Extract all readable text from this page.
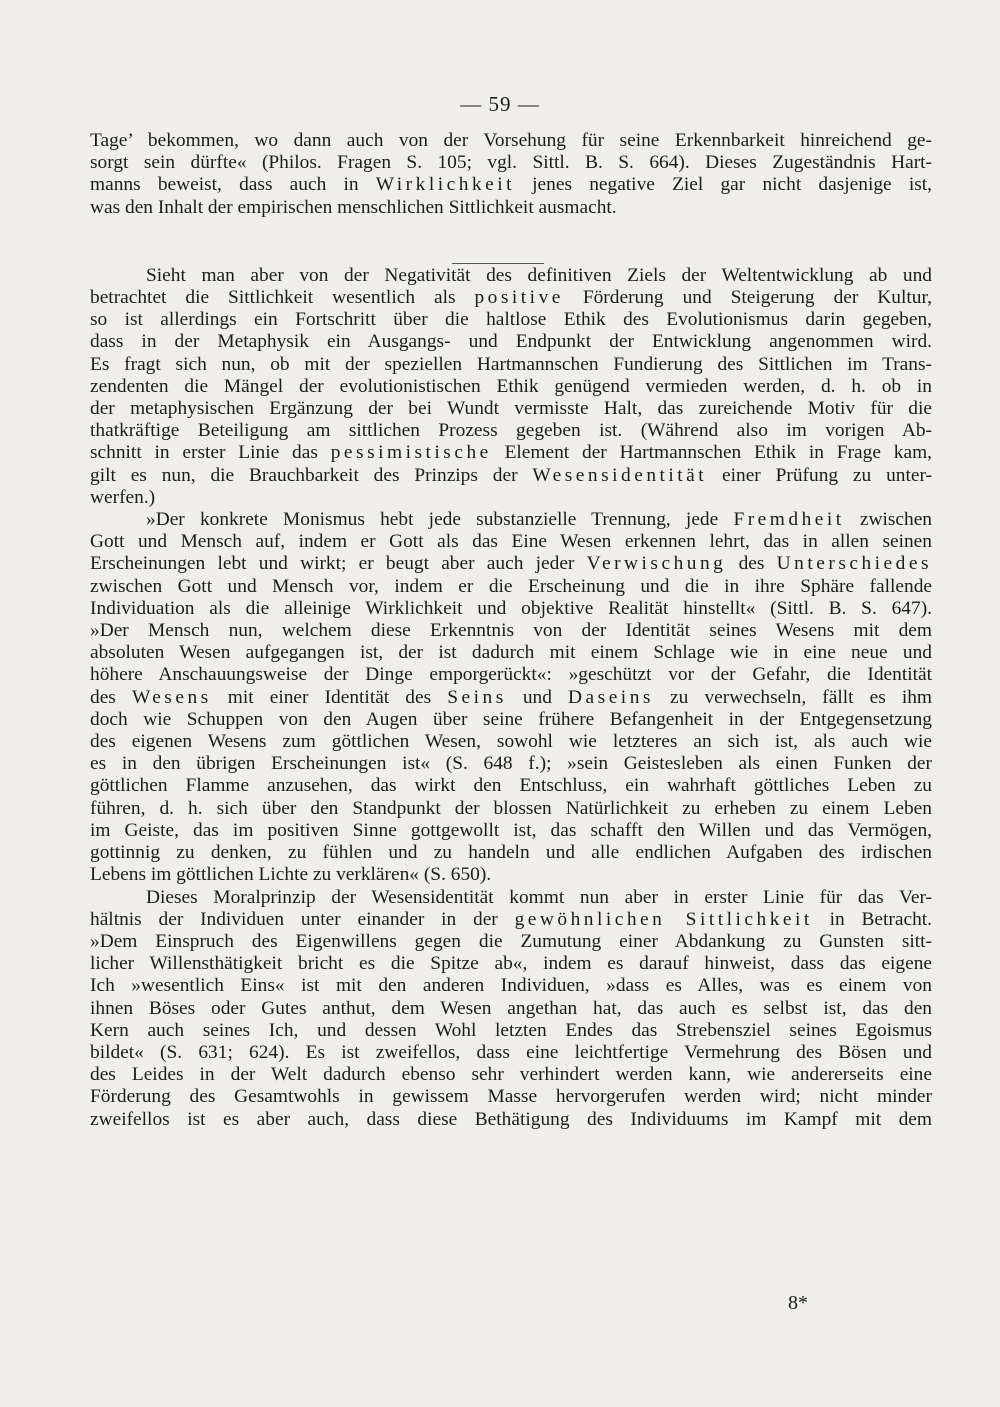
— 59 —

Tage’ bekommen, wo dann auch von der Vorsehung für seine Erkennbarkeit hinreichend ge-
sorgt sein dürfte« (Philos. Fragen S. 105; vgl. Sittl. B. S. 664). Dieses Zugeständnis Hart-
manns beweist, dass auch in Wirklichkeit jenes negative Ziel gar nicht dasjenige ist,
was den Inhalt der empirischen menschlichen Sittlichkeit ausmacht.

Sieht man aber von der Negativität des definitiven Ziels der Weltentwicklung ab und
betrachtet die Sittlichkeit wesentlich als positive Förderung und Steigerung der Kultur,
so ist allerdings ein Fortschritt über die haltlose Ethik des Evolutionismus darin gegeben,
dass in der Metaphysik ein Ausgangs- und Endpunkt der Entwicklung angenommen wird.
Es fragt sich nun, ob mit der speziellen Hartmannschen Fundierung des Sittlichen im Trans-
zendenten die Mängel der evolutionistischen Ethik genügend vermieden werden, d. h. ob in
der metaphysischen Ergänzung der bei Wundt vermisste Halt, das zureichende Motiv für die
thatkräftige Beteiligung am sittlichen Prozess gegeben ist. (Während also im vorigen Ab-
schnitt in erster Linie das pessimistische Element der Hartmannschen Ethik in Frage kam,
gilt es nun, die Brauchbarkeit des Prinzips der Wesensidentität einer Prüfung zu unter-
werfen.)

»Der konkrete Monismus hebt jede substanzielle Trennung, jede Fremdheit zwischen
Gott und Mensch auf, indem er Gott als das Eine Wesen erkennen lehrt, das in allen seinen
Erscheinungen lebt und wirkt; er beugt aber auch jeder Verwischung des Unterschiedes
zwischen Gott und Mensch vor, indem er die Erscheinung und die in ihre Sphäre fallende
Individuation als die alleinige Wirklichkeit und objektive Realität hinstellt« (Sittl. B. S. 647).
»Der Mensch nun, welchem diese Erkenntnis von der Identität seines Wesens mit dem
absoluten Wesen aufgegangen ist, der ist dadurch mit einem Schlage wie in eine neue und
höhere Anschauungsweise der Dinge emporgerückt«: »geschützt vor der Gefahr, die Identität
des Wesens mit einer Identität des Seins und Daseins zu verwechseln, fällt es ihm
doch wie Schuppen von den Augen über seine frühere Befangenheit in der Entgegensetzung
des eigenen Wesens zum göttlichen Wesen, sowohl wie letzteres an sich ist, als auch wie
es in den übrigen Erscheinungen ist« (S. 648 f.); »sein Geistesleben als einen Funken der
göttlichen Flamme anzusehen, das wirkt den Entschluss, ein wahrhaft göttliches Leben zu
führen, d. h. sich über den Standpunkt der blossen Natürlichkeit zu erheben zu einem Leben
im Geiste, das im positiven Sinne gottgewollt ist, das schafft den Willen und das Vermögen,
gottinnig zu denken, zu fühlen und zu handeln und alle endlichen Aufgaben des irdischen
Lebens im göttlichen Lichte zu verklären« (S. 650).

Dieses Moralprinzip der Wesensidentität kommt nun aber in erster Linie für das Ver-
hältnis der Individuen unter einander in der gewöhnlichen Sittlichkeit in Betracht.
»Dem Einspruch des Eigenwillens gegen die Zumutung einer Abdankung zu Gunsten sitt-
licher Willensthätigkeit bricht es die Spitze ab«, indem es darauf hinweist, dass das eigene
Ich »wesentlich Eins« ist mit den anderen Individuen, »dass es Alles, was es einem von
ihnen Böses oder Gutes anthut, dem Wesen angethan hat, das auch es selbst ist, das den
Kern auch seines Ich, und dessen Wohl letzten Endes das Strebensziel seines Egoismus
bildet« (S. 631; 624). Es ist zweifellos, dass eine leichtfertige Vermehrung des Bösen und
des Leides in der Welt dadurch ebenso sehr verhindert werden kann, wie andererseits eine
Förderung des Gesamtwohls in gewissem Masse hervorgerufen werden wird; nicht minder
zweifellos ist es aber auch, dass diese Bethätigung des Individuums im Kampf mit dem

8*
